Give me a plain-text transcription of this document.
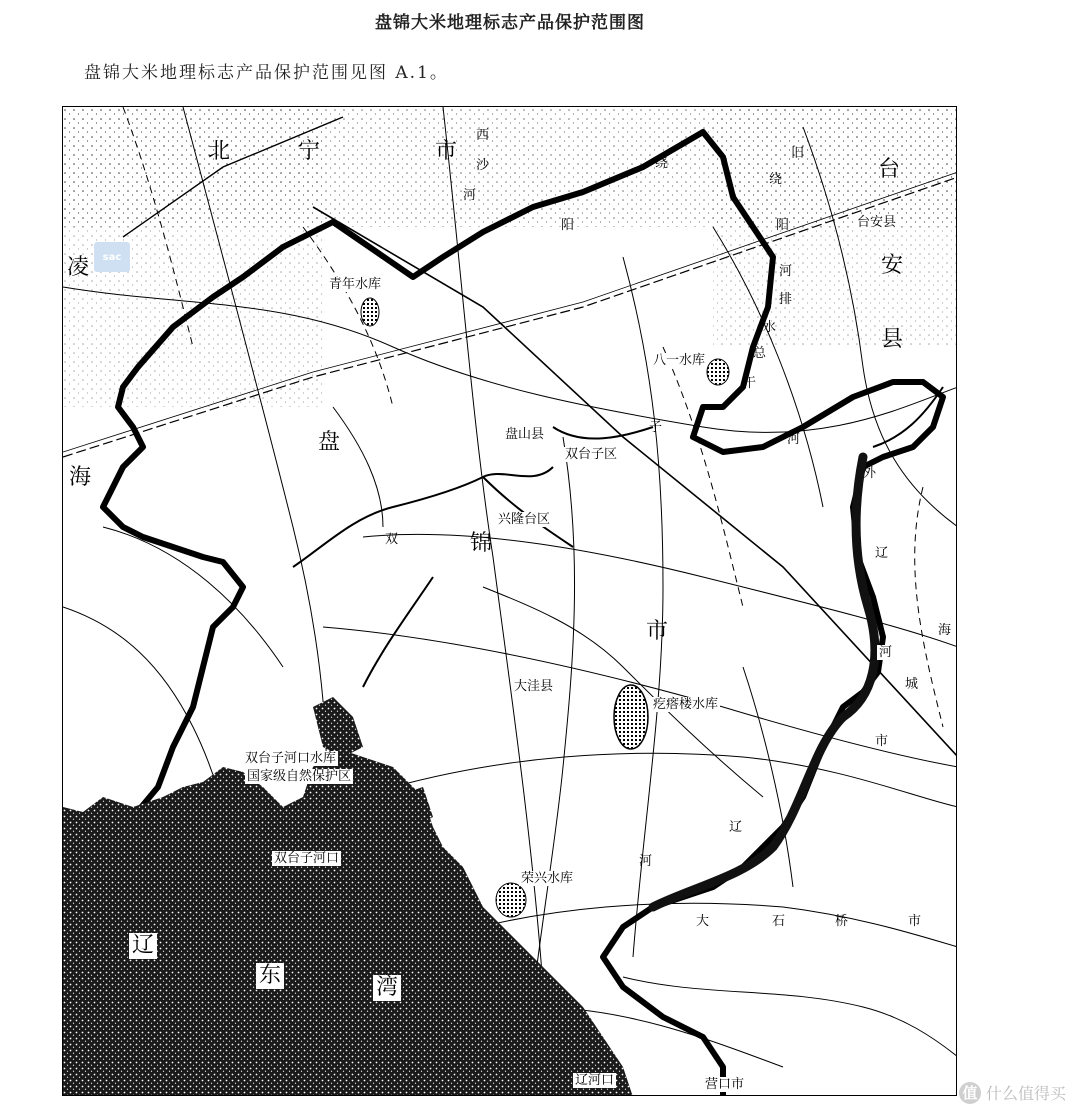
盘锦大米地理标志产品保护范围图
盘锦大米地理标志产品保护范围见图 A.1。
北	宁	市
凌
海
西
沙
河
绕
阳
旧
绕
阳
河
排
水
总
干
河
子
台
安
县
台安县
青年水库
八一水库
盘
锦
双
市
盘山县
双台子区
兴隆台区
大洼县
疙瘩楼水库
外
辽
河
海
城
市
辽
河
大	石	桥	市
双台子河口水库
国家级自然保护区
双台子河口
荣兴水库
辽
东	湾
辽河口	营口市
sac
值 什么值得买
